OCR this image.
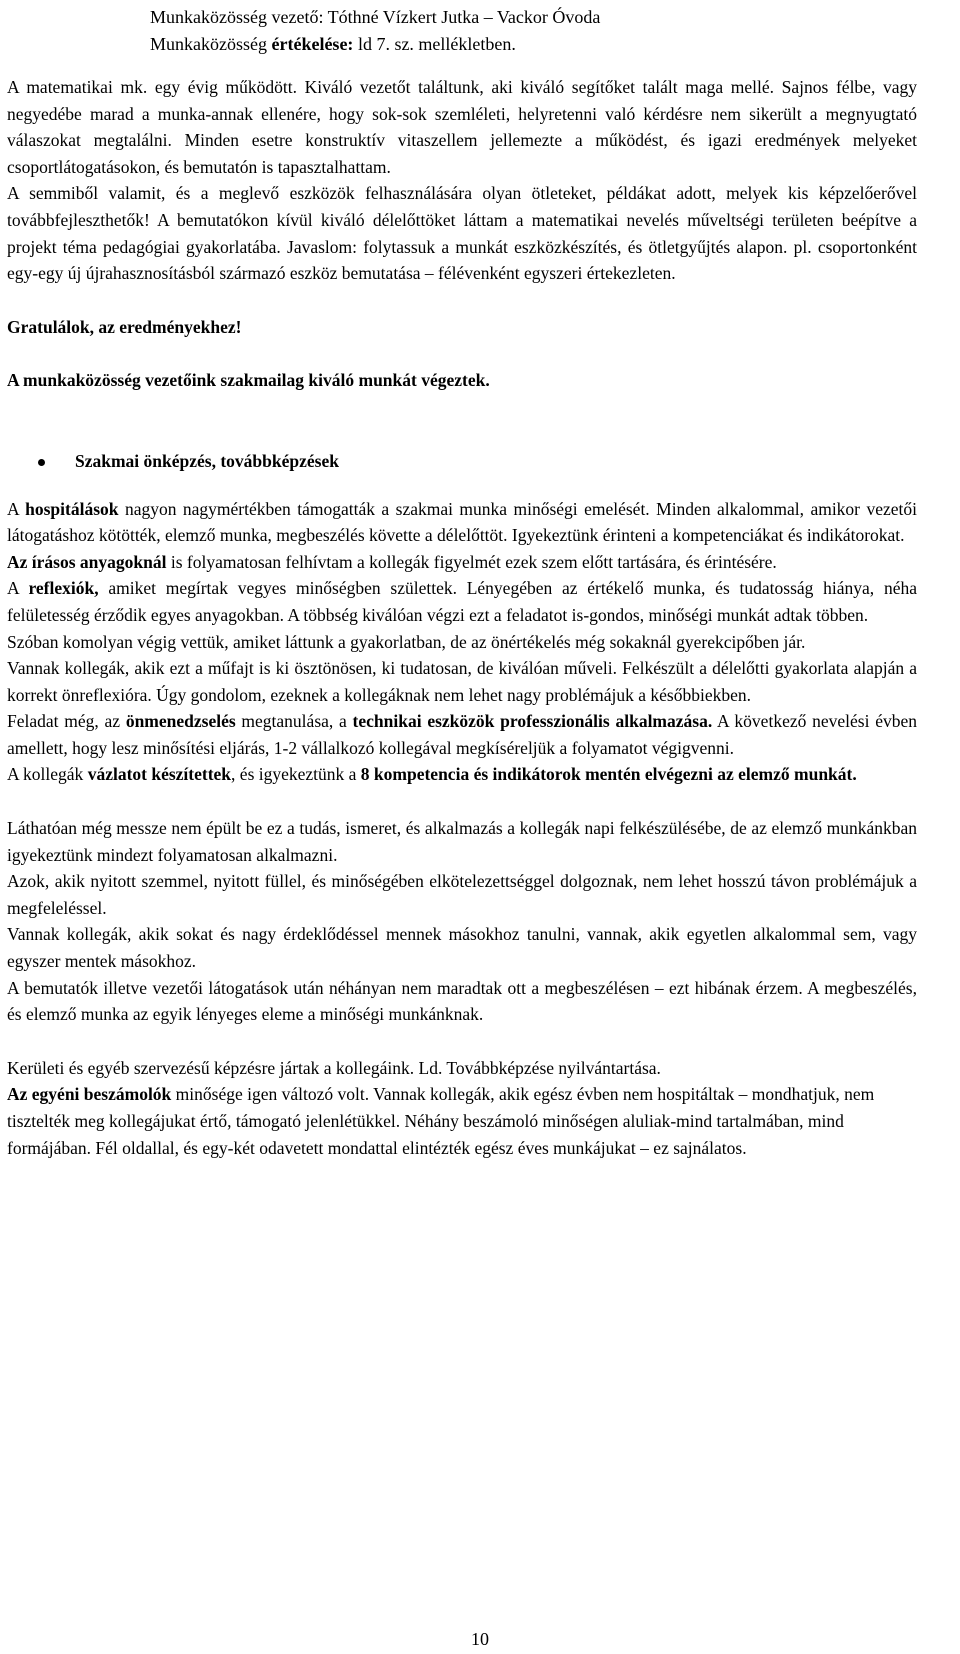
Munkaközösség vezető: Tóthné Vízkert Jutka – Vackor Óvoda
Munkaközösség értékelése: ld 7. sz. mellékletben.

A matematikai mk. egy évig működött. Kiváló vezetőt találtunk, aki kiváló segítőket talált maga mellé. Sajnos félbe, vagy negyedébe marad a munka-annak ellenére, hogy sok-sok szemléleti, helyretenni való kérdésre nem sikerült a megnyugtató válaszokat megtalálni. Minden esetre konstruktív vitaszellem jellemezte a működést, és igazi eredmények melyeket csoportlátogatásokon, és bemutatón is tapasztalhattam.

A semmiből valamit, és a meglevő eszközök felhasználására olyan ötleteket, példákat adott, melyek kis képzelőerővel továbbfejleszthetők! A bemutatókon kívül kiváló délelőttöket láttam a matematikai nevelés műveltségi területen beépítve a projekt téma pedagógiai gyakorlatába. Javaslom: folytassuk a munkát eszközkészítés, és ötletgyűjtés alapon. pl. csoportonként egy-egy új újrahasznosításból származó eszköz bemutatása – félévenként egyszeri értekezleten.

Gratulálok, az eredményekhez!

A munkaközösség vezetőink szakmailag kiváló munkát végeztek.

Szakmai önképzés, továbbképzések

A hospitálások nagyon nagymértékben támogatták a szakmai munka minőségi emelését. Minden alkalommal, amikor vezetői látogatáshoz kötötték, elemző munka, megbeszélés követte a délelőttöt. Igyekeztünk érinteni a kompetenciákat és indikátorokat.

Az írásos anyagoknál is folyamatosan felhívtam a kollegák figyelmét ezek szem előtt tartására, és érintésére.

A reflexiók, amiket megírtak vegyes minőségben születtek. Lényegében az értékelő munka, és tudatosság hiánya, néha felületesség érződik egyes anyagokban. A többség kiválóan végzi ezt a feladatot is-gondos, minőségi munkát adtak többen.

Szóban komolyan végig vettük, amiket láttunk a gyakorlatban, de az önértékelés még sokaknál gyerekcipőben jár.

Vannak kollegák, akik ezt a műfajt is ki ösztönösen, ki tudatosan, de kiválóan műveli. Felkészült a délelőtti gyakorlata alapján a korrekt önreflexióra. Úgy gondolom, ezeknek a kollegáknak nem lehet nagy problémájuk a későbbiekben.

Feladat még, az önmenedzselés megtanulása, a technikai eszközök professzionális alkalmazása. A következő nevelési évben amellett, hogy lesz minősítési eljárás, 1-2 vállalkozó kollegával megkíséreljük a folyamatot végigvenni.

A kollegák vázlatot készítettek, és igyekeztünk a 8 kompetencia és indikátorok mentén elvégezni az elemző munkát.

Láthatóan még messze nem épült be ez a tudás, ismeret, és alkalmazás a kollegák napi felkészülésébe, de az elemző munkánkban igyekeztünk mindezt folyamatosan alkalmazni.

Azok, akik nyitott szemmel, nyitott füllel, és minőségében elkötelezettséggel dolgoznak, nem lehet hosszú távon problémájuk a megfeleléssel.

Vannak kollegák, akik sokat és nagy érdeklődéssel mennek másokhoz tanulni, vannak, akik egyetlen alkalommal sem, vagy egyszer mentek másokhoz.

A bemutatók illetve vezetői látogatások után néhányan nem maradtak ott a megbeszélésen – ezt hibának érzem. A megbeszélés, és elemző munka az egyik lényeges eleme a minőségi munkánknak.

Kerületi és egyéb szervezésű képzésre jártak a kollegáink. Ld. Továbbképzése nyilvántartása.

Az egyéni beszámolók minősége igen változó volt. Vannak kollegák, akik egész évben nem hospitáltak – mondhatjuk, nem tisztelték meg kollegájukat értő, támogató jelenlétükkel. Néhány beszámoló minőségen aluliak-mind tartalmában, mind formájában. Fél oldallal, és egy-két odavetett mondattal elintézték egész éves munkájukat – ez sajnálatos.

10
